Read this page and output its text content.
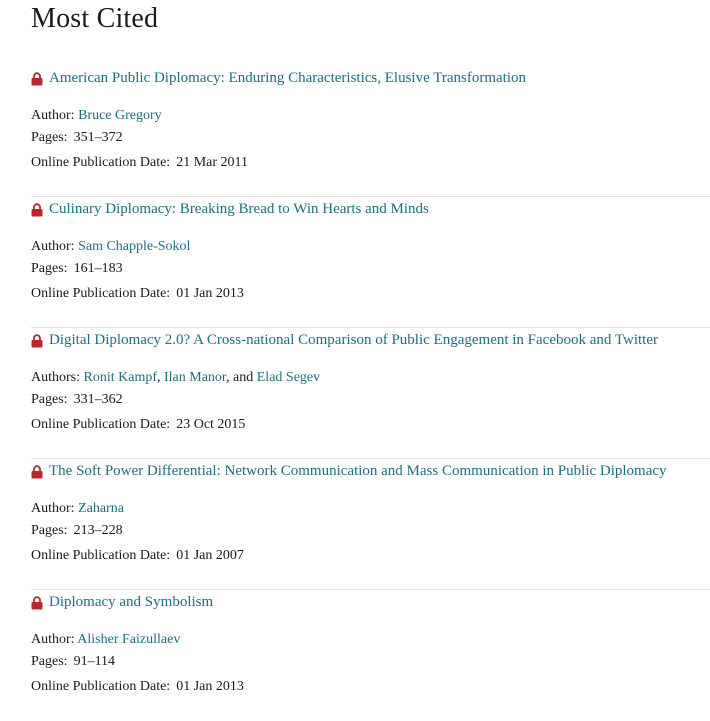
Most Cited
American Public Diplomacy: Enduring Characteristics, Elusive Transformation
Author: Bruce Gregory
Pages: 351–372
Online Publication Date: 21 Mar 2011
Culinary Diplomacy: Breaking Bread to Win Hearts and Minds
Author: Sam Chapple-Sokol
Pages: 161–183
Online Publication Date: 01 Jan 2013
Digital Diplomacy 2.0? A Cross-national Comparison of Public Engagement in Facebook and Twitter
Authors: Ronit Kampf, Ilan Manor, and Elad Segev
Pages: 331–362
Online Publication Date: 23 Oct 2015
The Soft Power Differential: Network Communication and Mass Communication in Public Diplomacy
Author: Zaharna
Pages: 213–228
Online Publication Date: 01 Jan 2007
Diplomacy and Symbolism
Author: Alisher Faizullaev
Pages: 91–114
Online Publication Date: 01 Jan 2013
